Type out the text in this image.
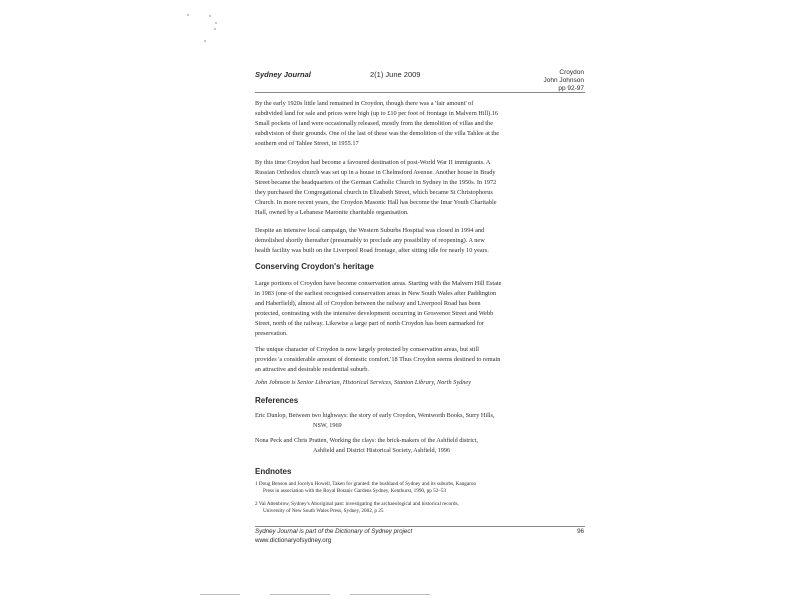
Sydney Journal	2(1) June 2009	Croydon
John Johnson
pp 92-97
By the early 1920s little land remained in Croydon, though there was a 'fair amount' of
subdivided land for sale and prices were high (up to £10 per foot of frontage in Malvern Hill).16
Small pockets of land were occasionally released, mostly from the demolition of villas and the
subdivision of their grounds. One of the last of these was the demolition of the villa Tahlee at the
southern end of Tahlee Street, in 1955.17
By this time Croydon had become a favoured destination of post-World War II immigrants. A
Russian Orthodox church was set up in a house in Chelmsford Avenue. Another house in Brady
Street became the headquarters of the German Catholic Church in Sydney in the 1950s. In 1972
they purchased the Congregational church in Elizabeth Street, which became St Christophorus
Church. In more recent years, the Croydon Masonic Hall has become the Imar Youth Charitable
Hall, owned by a Lebanese Maronite charitable organisation.
Despite an intensive local campaign, the Western Suburbs Hospital was closed in 1994 and
demolished shortly thereafter (presumably to preclude any possibility of reopening). A new
health facility was built on the Liverpool Road frontage, after sitting idle for nearly 10 years.
Conserving Croydon's heritage
Large portions of Croydon have become conservation areas. Starting with the Malvern Hill Estate
in 1983 (one of the earliest recognised conservation areas in New South Wales after Paddington
and Haberfield), almost all of Croydon between the railway and Liverpool Road has been
protected, contrasting with the intensive development occurring in Grosvenor Street and Webb
Street, north of the railway. Likewise a large part of north Croydon has been earmarked for
preservation.
The unique character of Croydon is now largely protected by conservation areas, but still
provides 'a considerable amount of domestic comfort.'18 Thus Croydon seems destined to remain
an attractive and desirable residential suburb.
John Johnson is Senior Librarian, Historical Services, Stanton Library, North Sydney
References
Eric Dunlop, Between two highways: the story of early Croydon, Wentworth Books, Surry Hills,
NSW, 1969
Nona Peck and Chris Pratten, Working the clays: the brick-makers of the Ashfield district,
Ashfield and District Historical Society, Ashfield, 1996
Endnotes
1 Doug Benson and Jocelyn Howell, Taken for granted: the bushland of Sydney and its suburbs, Kangaroo
Press in association with the Royal Botanic Gardens Sydney, Kenthurst, 1990, pp 52–53
2 Val Attenbrow, Sydney's Aboriginal past: investigating the archaeological and historical records,
University of New South Wales Press, Sydney, 2002, p 25
Sydney Journal is part of the Dictionary of Sydney project
www.dictionaryofsydney.org
96
